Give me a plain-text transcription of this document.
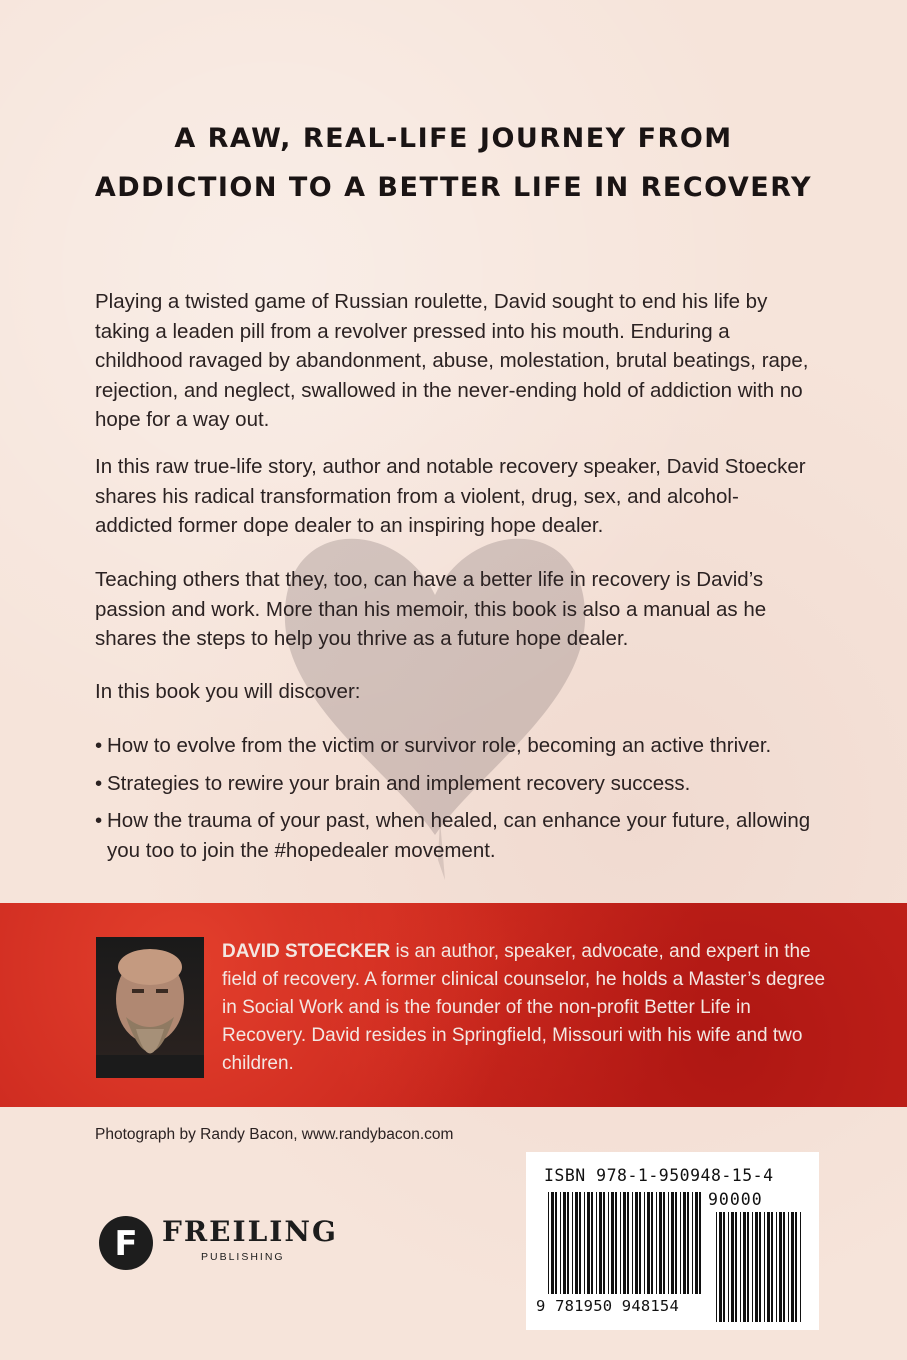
A RAW, REAL-LIFE JOURNEY FROM
ADDICTION TO A BETTER LIFE IN RECOVERY
Playing a twisted game of Russian roulette, David sought to end his life by taking a leaden pill from a revolver pressed into his mouth. Enduring a childhood ravaged by abandonment, abuse, molestation, brutal beatings, rape, rejection, and neglect, swallowed in the never-ending hold of addiction with no hope for a way out.
In this raw true-life story, author and notable recovery speaker, David Stoecker shares his radical transformation from a violent, drug, sex, and alcohol-addicted former dope dealer to an inspiring hope dealer.
Teaching others that they, too, can have a better life in recovery is David’s passion and work. More than his memoir, this book is also a manual as he shares the steps to help you thrive as a future hope dealer.
In this book you will discover:
• How to evolve from the victim or survivor role, becoming an active thriver.
• Strategies to rewire your brain and implement recovery success.
• How the trauma of your past, when healed, can enhance your future, allowing you too to join the #hopedealer movement.
DAVID STOECKER is an author, speaker, advocate, and expert in the field of recovery. A former clinical counselor, he holds a Master’s degree in Social Work and is the founder of the non-profit Better Life in Recovery. David resides in Springfield, Missouri with his wife and two children.
Photograph by Randy Bacon, www.randybacon.com
F FREILING
PUBLISHING
ISBN 978-1-950948-15-4
90000
9 781950 948154
